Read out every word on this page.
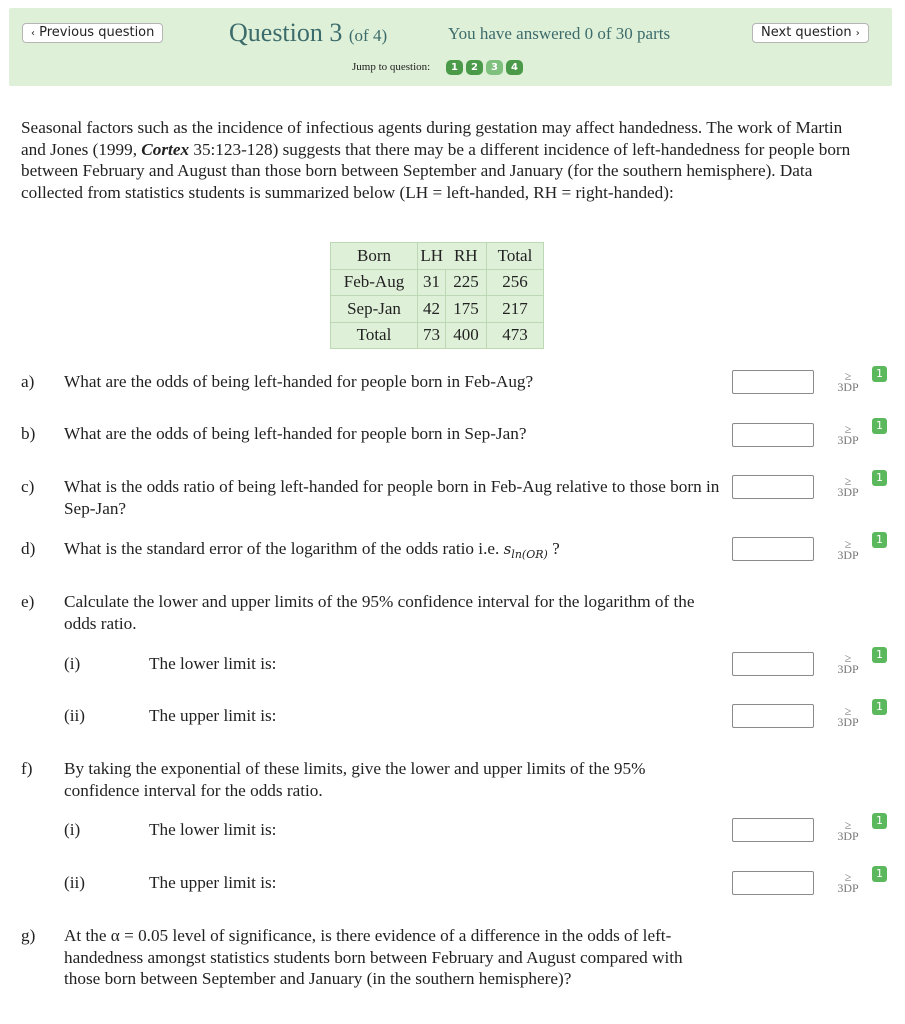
‹ Previous question	Question 3 (of 4)	You have answered 0 of 30 parts	Next question ›
Jump to question:	1	2	3	4
Seasonal factors such as the incidence of infectious agents during gestation may affect handedness. The work of Martin and Jones (1999, Cortex 35:123-128) suggests that there may be a different incidence of left-handedness for people born between February and August than those born between September and January (for the southern hemisphere). Data collected from statistics students is summarized below (LH = left-handed, RH = right-handed):
Born	LH	RH	Total
Feb-Aug	31	225	256
Sep-Jan	42	175	217
Total	73	400	473
a) What are the odds of being left-handed for people born in Feb-Aug?	≥
3DP
1
b) What are the odds of being left-handed for people born in Sep-Jan?	≥
3DP
1
c) What is the odds ratio of being left-handed for people born in Feb-Aug relative to those born in Sep-Jan?
≥
3DP
1
d) What is the standard error of the logarithm of the odds ratio i.e. $s_{ln(OR)}$ ?	≥
3DP
1
e) Calculate the lower and upper limits of the 95% confidence interval for the logarithm of the odds ratio.
(i)	The lower limit is:	≥
3DP
1
(ii)	The upper limit is:	≥
3DP
1
f) By taking the exponential of these limits, give the lower and upper limits of the 95% confidence interval for the odds ratio.
(i)	The lower limit is:	≥
3DP
1
(ii)	The upper limit is:	≥
3DP
1
g) At the α = 0.05 level of significance, is there evidence of a difference in the odds of left-handedness amongst statistics students born between February and August compared with those born between September and January (in the southern hemisphere)?
